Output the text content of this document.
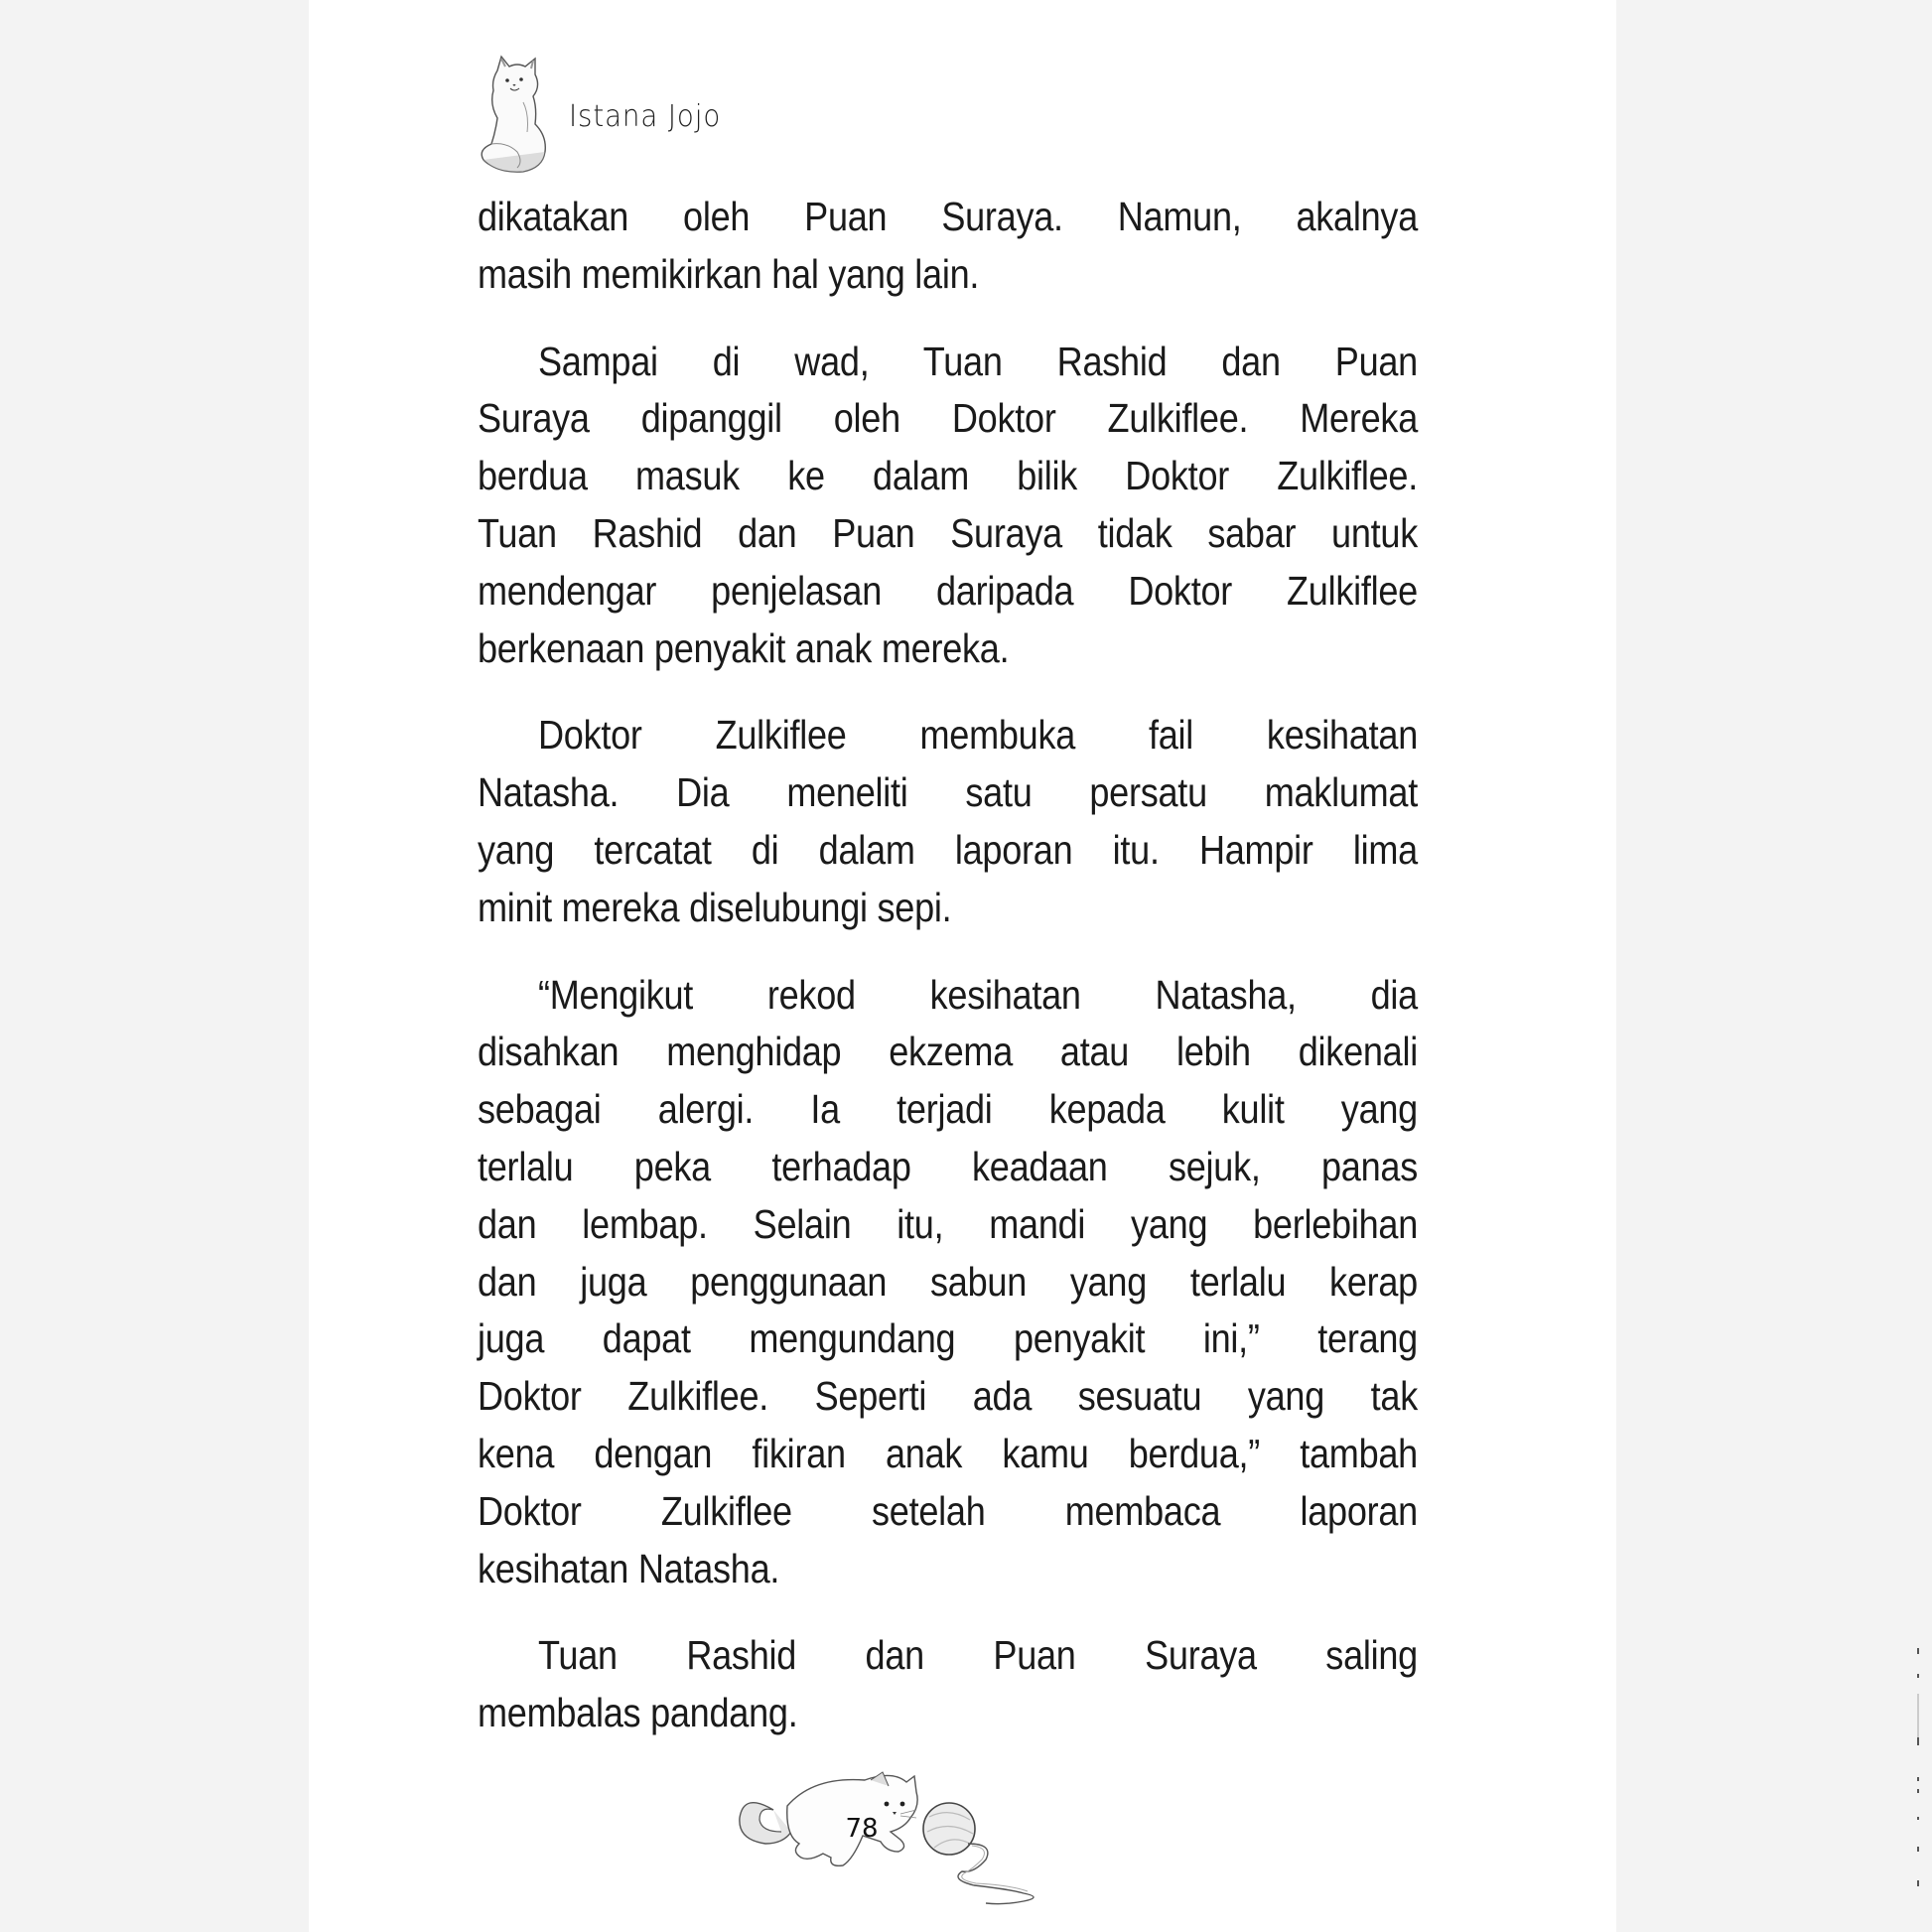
Istana Jojo
dikatakan oleh Puan Suraya. Namun, akalnya
masih memikirkan hal yang lain.
Sampai di wad, Tuan Rashid dan Puan
Suraya dipanggil oleh Doktor Zulkiflee. Mereka
berdua masuk ke dalam bilik Doktor Zulkiflee.
Tuan Rashid dan Puan Suraya tidak sabar untuk
mendengar penjelasan daripada Doktor Zulkiflee
berkenaan penyakit anak mereka.
Doktor Zulkiflee membuka fail kesihatan
Natasha. Dia meneliti satu persatu maklumat
yang tercatat di dalam laporan itu. Hampir lima
minit mereka diselubungi sepi.
“Mengikut rekod kesihatan Natasha, dia
disahkan menghidap ekzema atau lebih dikenali
sebagai alergi. Ia terjadi kepada kulit yang
terlalu peka terhadap keadaan sejuk, panas
dan lembap. Selain itu, mandi yang berlebihan
dan juga penggunaan sabun yang terlalu kerap
juga dapat mengundang penyakit ini,” terang
Doktor Zulkiflee. Seperti ada sesuatu yang tak
kena dengan fikiran anak kamu berdua,” tambah
Doktor Zulkiflee setelah membaca laporan
kesihatan Natasha.
Tuan Rashid dan Puan Suraya saling
membalas pandang.
78
